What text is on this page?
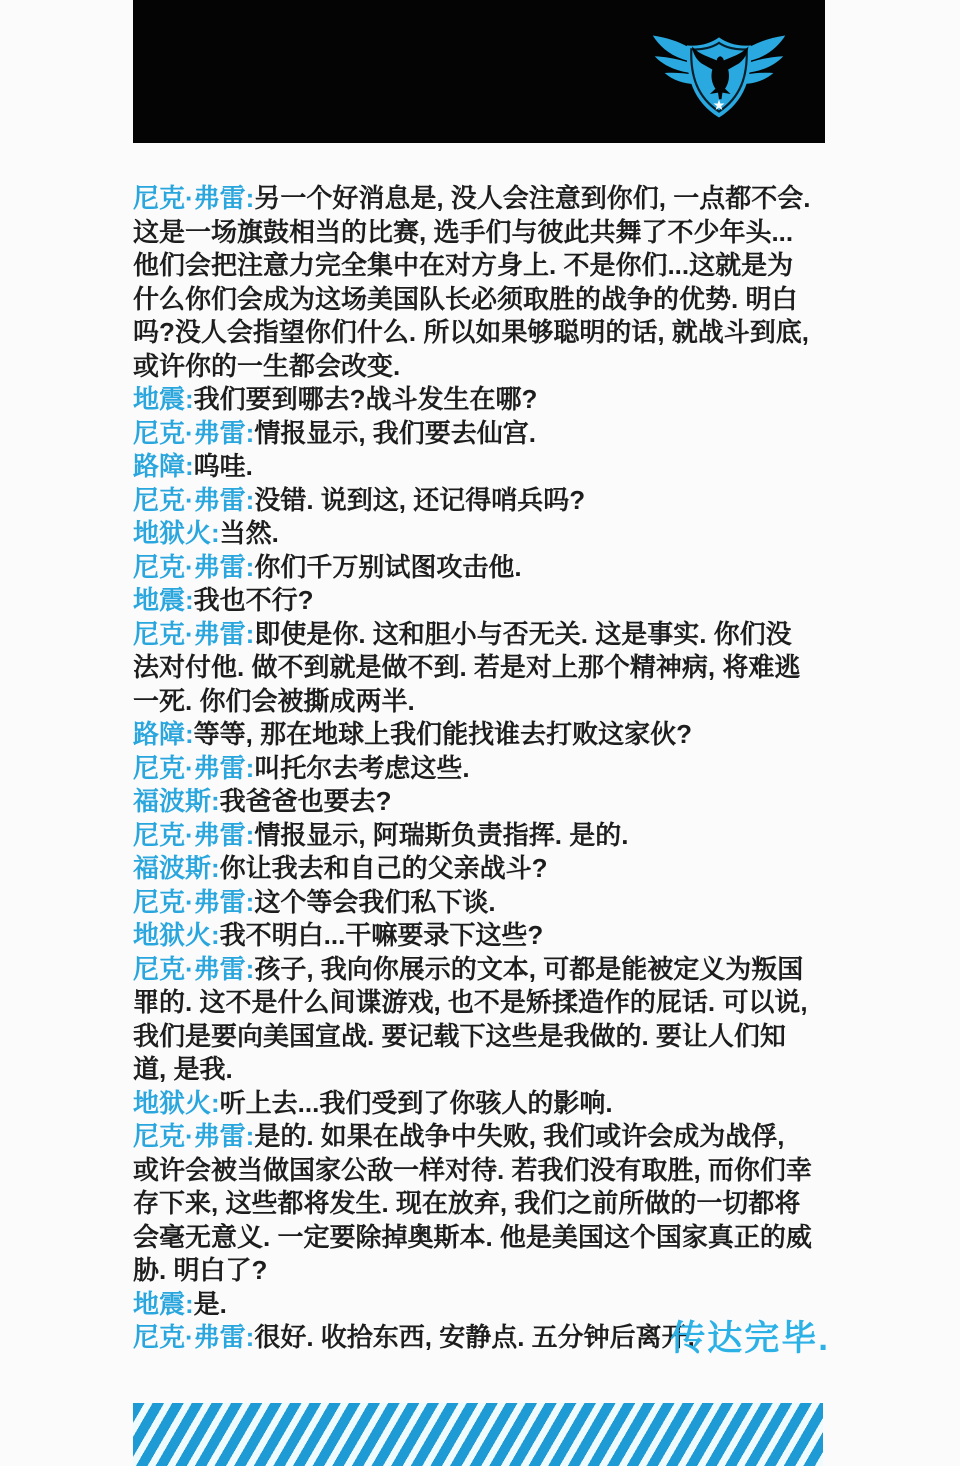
尼克·弗雷:另一个好消息是, 没人会注意到你们, 一点都不会. 这是一场旗鼓相当的比赛, 选手们与彼此共舞了不少年头...他们会把注意力完全集中在对方身上. 不是你们...这就是为什么你们会成为这场美国队长必须取胜的战争的优势. 明白吗?没人会指望你们什么. 所以如果够聪明的话, 就战斗到底, 或许你的一生都会改变.

地震:我们要到哪去?战斗发生在哪?

尼克·弗雷:情报显示, 我们要去仙宫.

路障:呜哇.

尼克·弗雷:没错. 说到这, 还记得哨兵吗?

地狱火:当然.

尼克·弗雷:你们千万别试图攻击他.

地震:我也不行?

尼克·弗雷:即使是你. 这和胆小与否无关. 这是事实. 你们没法对付他. 做不到就是做不到. 若是对上那个精神病, 将难逃一死. 你们会被撕成两半.

路障:等等, 那在地球上我们能找谁去打败这家伙?

尼克·弗雷:叫托尔去考虑这些.

福波斯:我爸爸也要去?

尼克·弗雷:情报显示, 阿瑞斯负责指挥. 是的.

福波斯:你让我去和自己的父亲战斗?

尼克·弗雷:这个等会我们私下谈.

地狱火:我不明白...干嘛要录下这些?

尼克·弗雷:孩子, 我向你展示的文本, 可都是能被定义为叛国罪的. 这不是什么间谍游戏, 也不是矫揉造作的屁话. 可以说, 我们是要向美国宣战. 要记载下这些是我做的. 要让人们知道, 是我.

地狱火:听上去...我们受到了你骇人的影响.

尼克·弗雷:是的. 如果在战争中失败, 我们或许会成为战俘, 或许会被当做国家公敌一样对待. 若我们没有取胜, 而你们幸存下来, 这些都将发生. 现在放弃, 我们之前所做的一切都将会毫无意义. 一定要除掉奥斯本. 他是美国这个国家真正的威胁. 明白了?

地震:是.

尼克·弗雷:很好. 收拾东西, 安静点. 五分钟后离开.

传达完毕.
